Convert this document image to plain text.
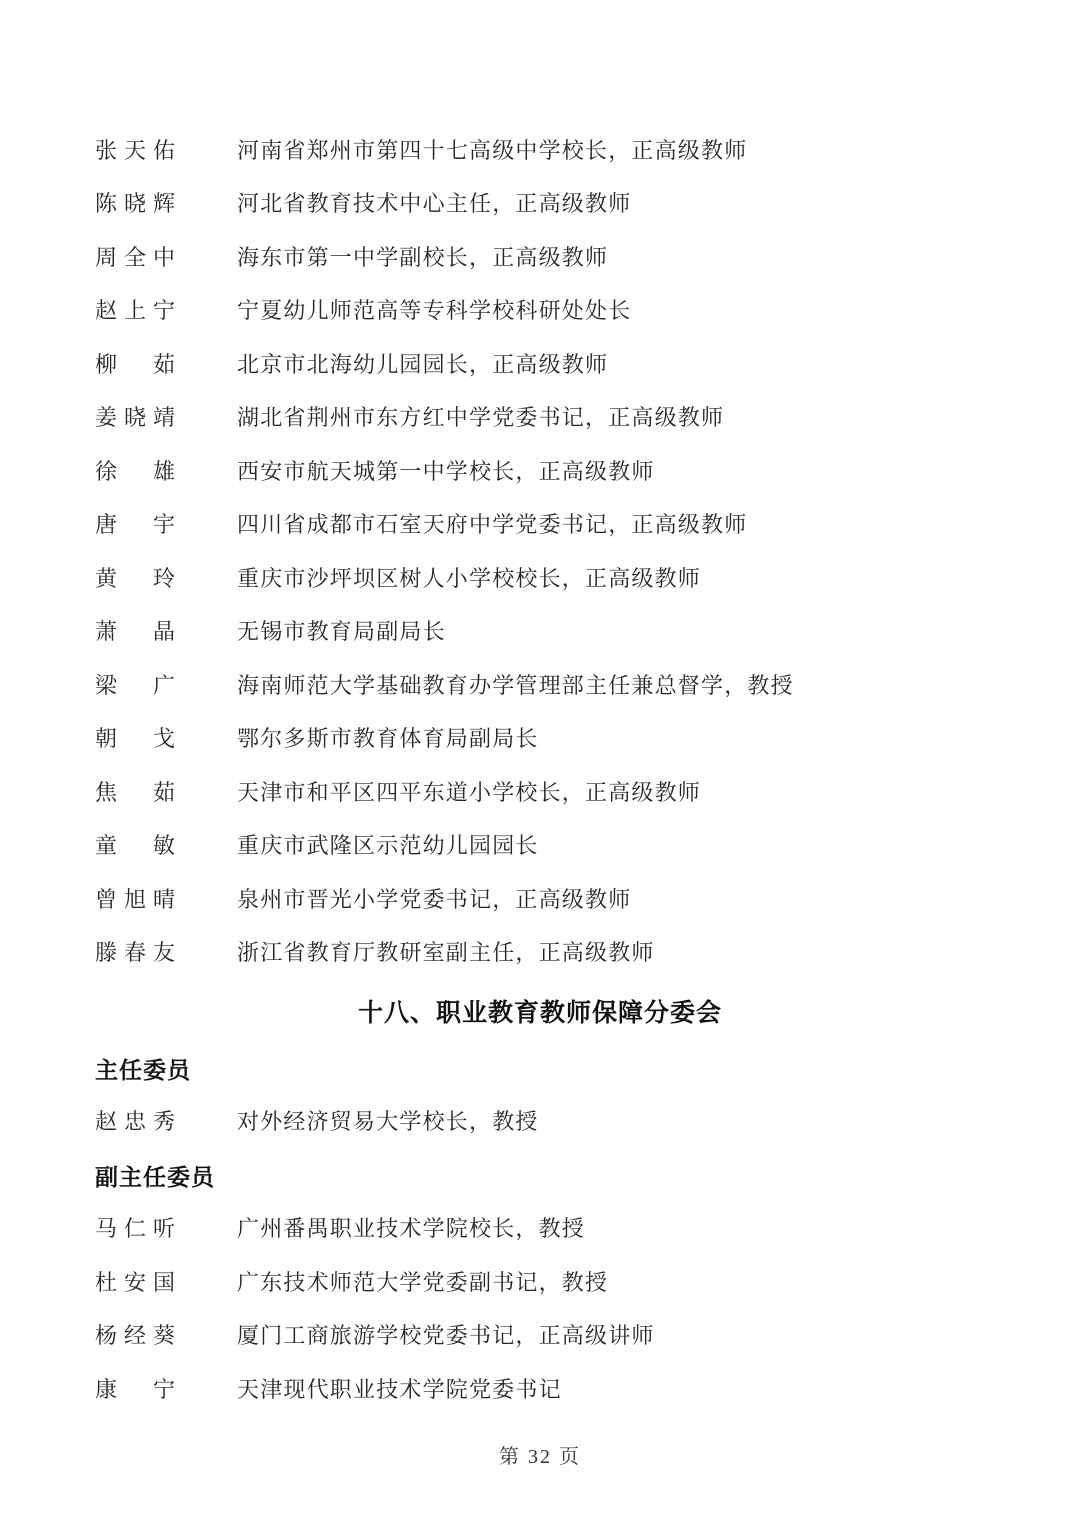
张天佑	河南省郑州市第四十七高级中学校长，正高级教师
陈晓辉	河北省教育技术中心主任，正高级教师
周全中	海东市第一中学副校长，正高级教师
赵上宁	宁夏幼儿师范高等专科学校科研处处长
柳　茹	北京市北海幼儿园园长，正高级教师
姜晓靖	湖北省荆州市东方红中学党委书记，正高级教师
徐　雄	西安市航天城第一中学校长，正高级教师
唐　宇	四川省成都市石室天府中学党委书记，正高级教师
黄　玲	重庆市沙坪坝区树人小学校校长，正高级教师
萧　晶	无锡市教育局副局长
梁　广	海南师范大学基础教育办学管理部主任兼总督学，教授
朝　戈	鄂尔多斯市教育体育局副局长
焦　茹	天津市和平区四平东道小学校长，正高级教师
童　敏	重庆市武隆区示范幼儿园园长
曾旭晴	泉州市晋光小学党委书记，正高级教师
滕春友	浙江省教育厅教研室副主任，正高级教师
十八、职业教育教师保障分委会
主任委员
赵忠秀	对外经济贸易大学校长，教授
副主任委员
马仁听	广州番禺职业技术学院校长，教授
杜安国	广东技术师范大学党委副书记，教授
杨经葵	厦门工商旅游学校党委书记，正高级讲师
康　宁	天津现代职业技术学院党委书记
第 32 页
